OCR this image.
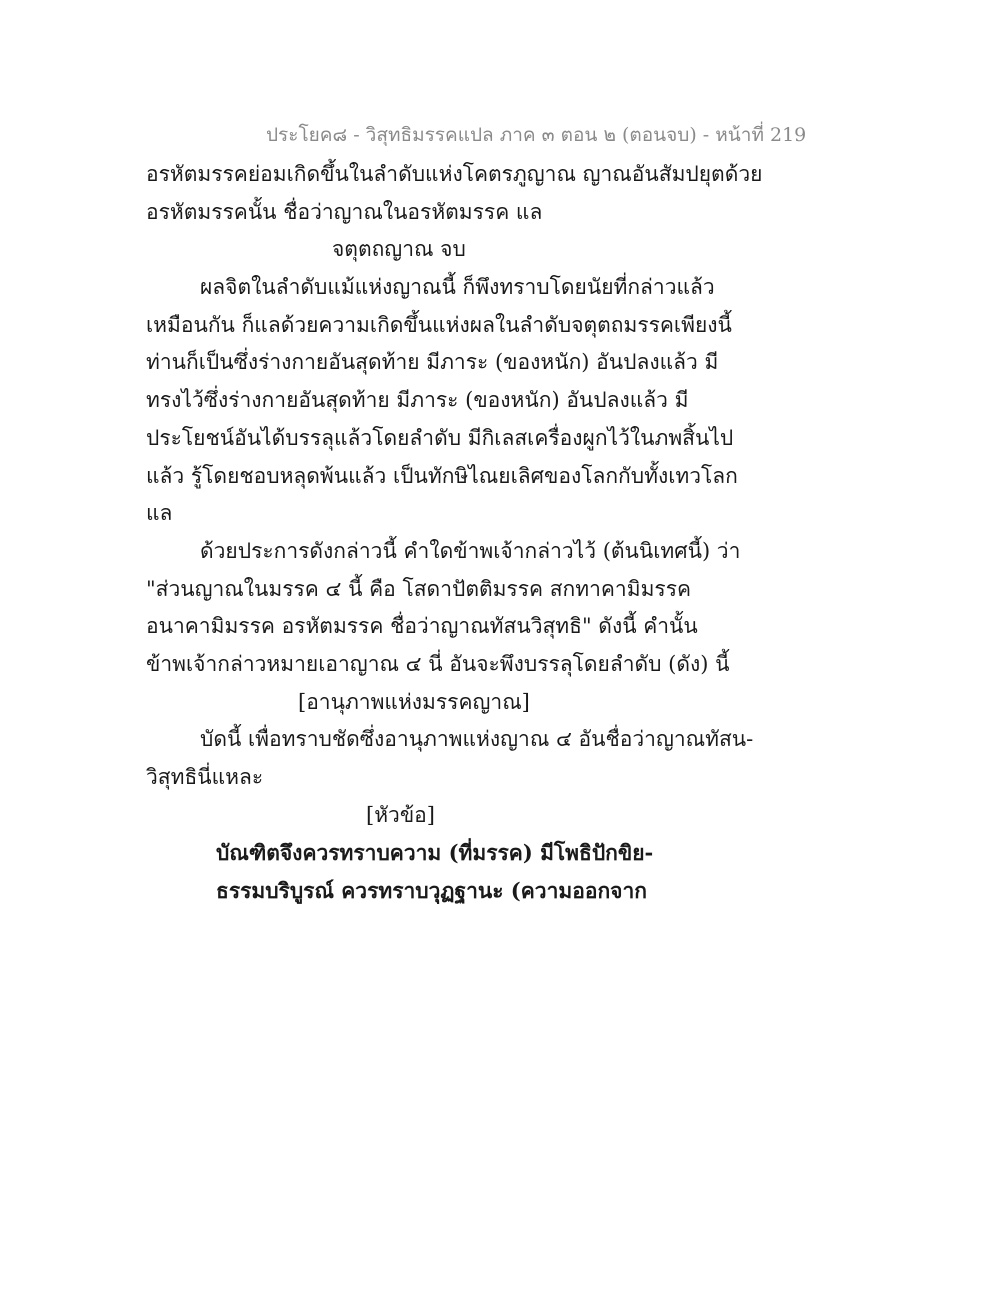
ประโยค๘ - วิสุทธิมรรคแปล ภาค ๓ ตอน ๒ (ตอนจบ) - หน้าที่ 219
อรหัตมรรคย่อมเกิดขึ้นในลำดับแห่งโคตรภูญาณ ญาณอันสัมปยุตด้วย
อรหัตมรรคนั้น ชื่อว่าญาณในอรหัตมรรค แล
จตุตถญาณ จบ
ผลจิตในลำดับแม้แห่งญาณนี้ ก็พึงทราบโดยนัยที่กล่าวแล้ว
เหมือนกัน ก็แลด้วยความเกิดขึ้นแห่งผลในลำดับจตุตถมรรคเพียงนี้
ท่านก็เป็นซึ่งร่างกายอันสุดท้าย มีภาระ (ของหนัก) อันปลงแล้ว มี
ทรงไว้ซึ่งร่างกายอันสุดท้าย มีภาระ (ของหนัก) อันปลงแล้ว มี
ประโยชน์อันได้บรรลุแล้วโดยลำดับ มีกิเลสเครื่องผูกไว้ในภพสิ้นไป
แล้ว รู้โดยชอบหลุดพ้นแล้ว เป็นทักษิไณยเลิศของโลกกับทั้งเทวโลก
แล
ด้วยประการดังกล่าวนี้ คำใดข้าพเจ้ากล่าวไว้ (ต้นนิเทศนี้) ว่า
"ส่วนญาณในมรรค ๔ นี้ คือ โสดาปัตติมรรค สกทาคามิมรรค
อนาคามิมรรค อรหัตมรรค ชื่อว่าญาณทัสนวิสุทธิ" ดังนี้ คำนั้น
ข้าพเจ้ากล่าวหมายเอาญาณ ๔ นี่ อันจะพึงบรรลุโดยลำดับ (ดัง) นี้
[อานุภาพแห่งมรรคญาณ]
บัดนี้ เพื่อทราบชัดซึ่งอานุภาพแห่งญาณ ๔ อันชื่อว่าญาณทัสน-
วิสุทธินี่แหละ
[หัวข้อ]
บัณฑิตจึงควรทราบความ (ที่มรรค) มีโพธิปักขิย-
ธรรมบริบูรณ์ ควรทราบวุฏฐานะ (ความออกจาก
